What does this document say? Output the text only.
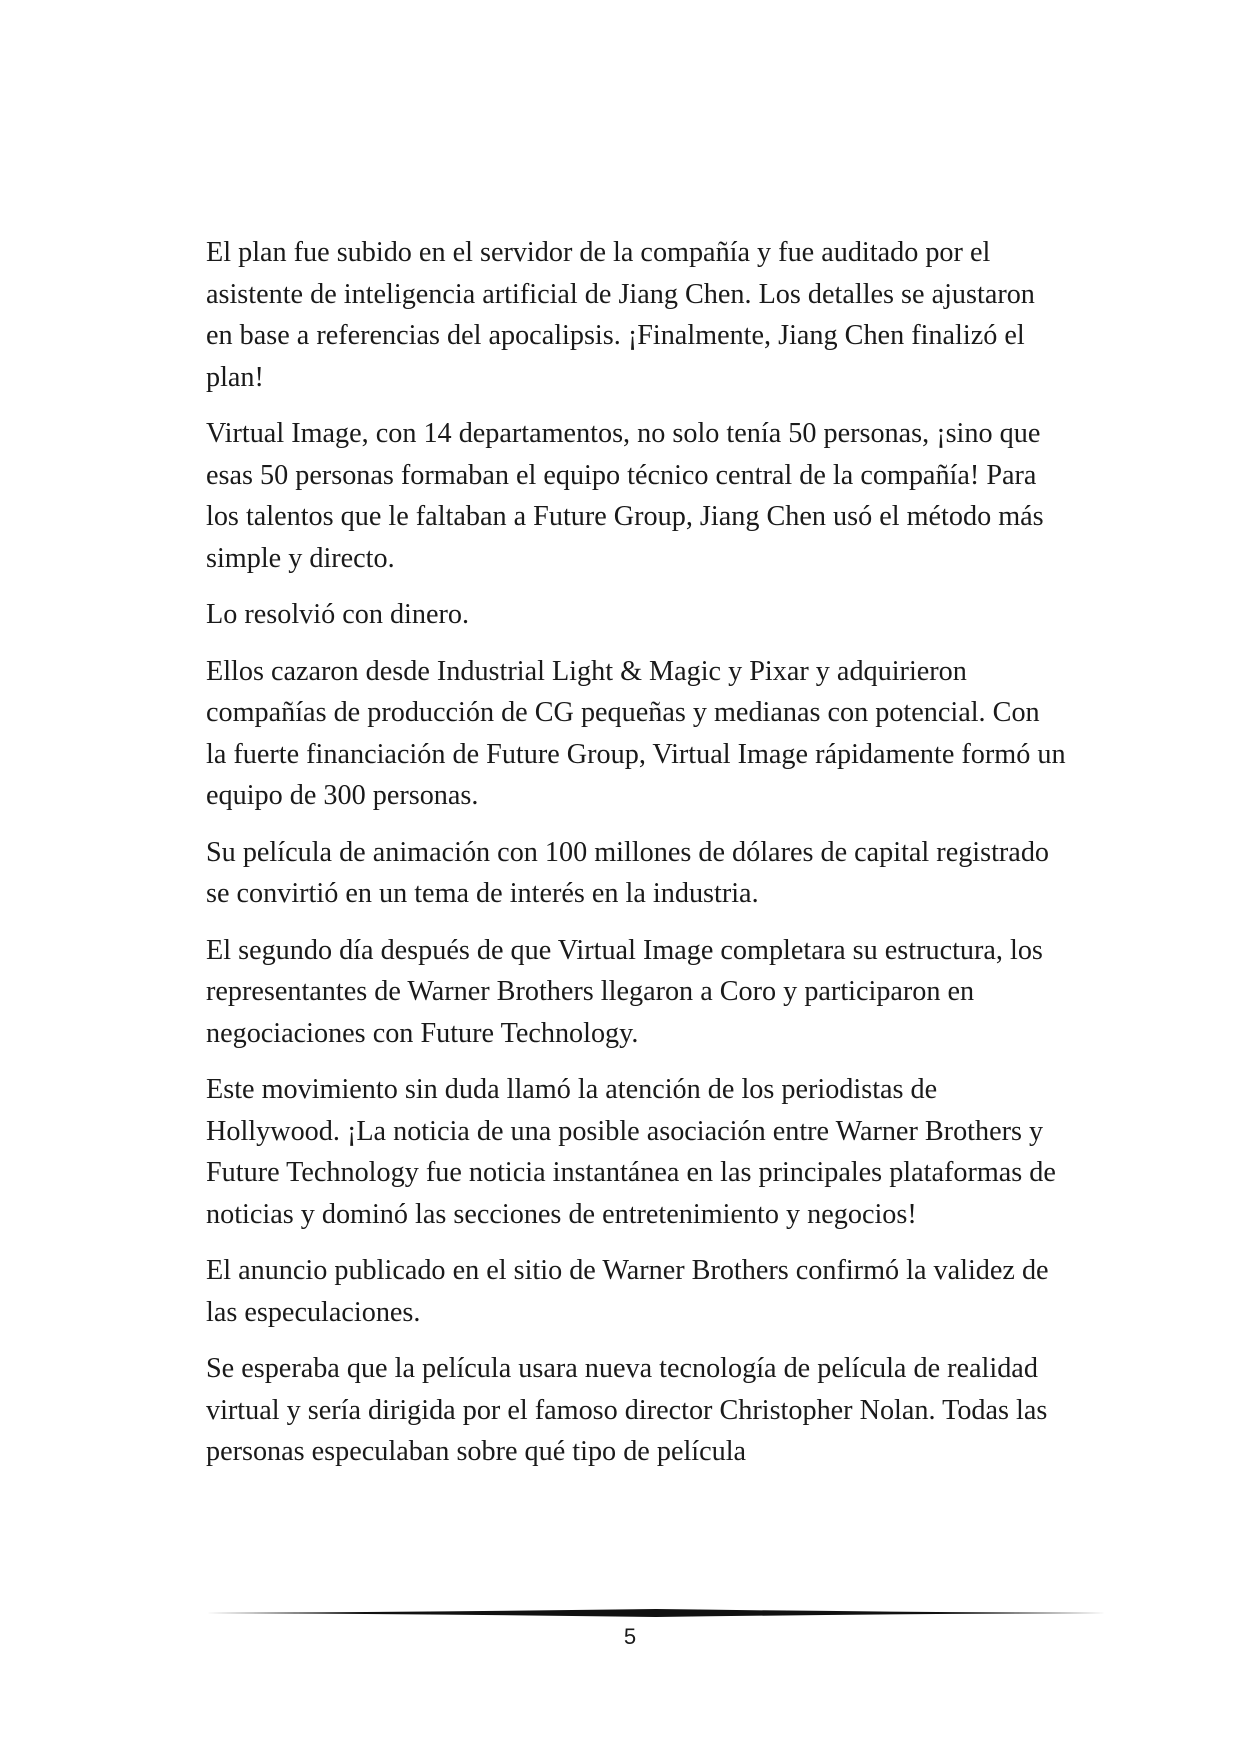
El plan fue subido en el servidor de la compañía y fue auditado por el asistente de inteligencia artificial de Jiang Chen. Los detalles se ajustaron en base a referencias del apocalipsis. ¡Finalmente, Jiang Chen finalizó el plan!

Virtual Image, con 14 departamentos, no solo tenía 50 personas, ¡sino que esas 50 personas formaban el equipo técnico central de la compañía! Para los talentos que le faltaban a Future Group, Jiang Chen usó el método más simple y directo.

Lo resolvió con dinero.

Ellos cazaron desde Industrial Light & Magic y Pixar y adquirieron compañías de producción de CG pequeñas y medianas con potencial. Con la fuerte financiación de Future Group, Virtual Image rápidamente formó un equipo de 300 personas.

Su película de animación con 100 millones de dólares de capital registrado se convirtió en un tema de interés en la industria.

El segundo día después de que Virtual Image completara su estructura, los representantes de Warner Brothers llegaron a Coro y participaron en negociaciones con Future Technology.

Este movimiento sin duda llamó la atención de los periodistas de Hollywood. ¡La noticia de una posible asociación entre Warner Brothers y Future Technology fue noticia instantánea en las principales plataformas de noticias y dominó las secciones de entretenimiento y negocios!

El anuncio publicado en el sitio de Warner Brothers confirmó la validez de las especulaciones.

Se esperaba que la película usara nueva tecnología de película de realidad virtual y sería dirigida por el famoso director Christopher Nolan. Todas las personas especulaban sobre qué tipo de película

5
